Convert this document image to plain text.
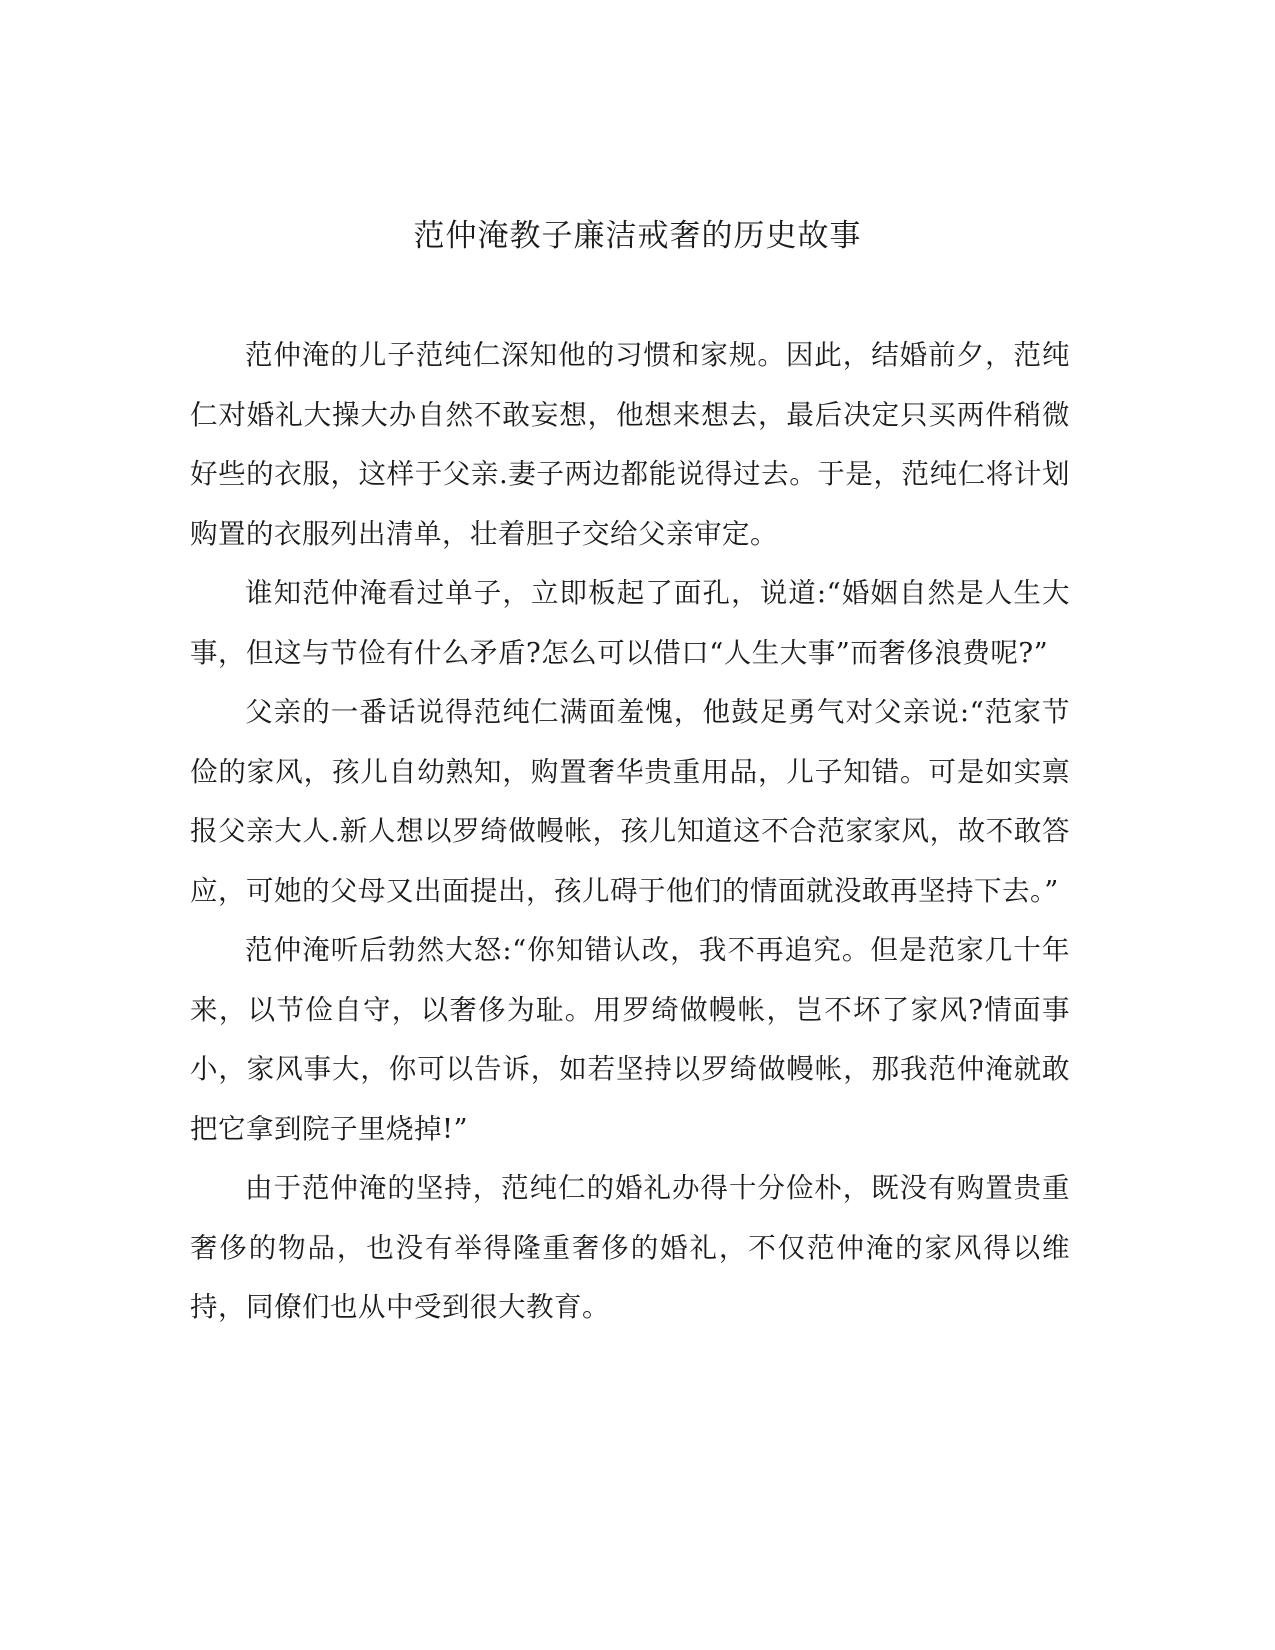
范仲淹教子廉洁戒奢的历史故事

范仲淹的儿子范纯仁深知他的习惯和家规。因此，结婚前夕，范纯仁对婚礼大操大办自然不敢妄想，他想来想去，最后决定只买两件稍微好些的衣服，这样于父亲.妻子两边都能说得过去。于是，范纯仁将计划购置的衣服列出清单，壮着胆子交给父亲审定。

谁知范仲淹看过单子，立即板起了面孔，说道:“婚姻自然是人生大事，但这与节俭有什么矛盾?怎么可以借口“人生大事”而奢侈浪费呢?”

父亲的一番话说得范纯仁满面羞愧，他鼓足勇气对父亲说:“范家节俭的家风，孩儿自幼熟知，购置奢华贵重用品，儿子知错。可是如实禀报父亲大人.新人想以罗绮做幔帐，孩儿知道这不合范家家风，故不敢答应，可她的父母又出面提出，孩儿碍于他们的情面就没敢再坚持下去。”

范仲淹听后勃然大怒:“你知错认改，我不再追究。但是范家几十年来，以节俭自守，以奢侈为耻。用罗绮做幔帐，岂不坏了家风?情面事小，家风事大，你可以告诉，如若坚持以罗绮做幔帐，那我范仲淹就敢把它拿到院子里烧掉!”

由于范仲淹的坚持，范纯仁的婚礼办得十分俭朴，既没有购置贵重奢侈的物品，也没有举得隆重奢侈的婚礼，不仅范仲淹的家风得以维持，同僚们也从中受到很大教育。
